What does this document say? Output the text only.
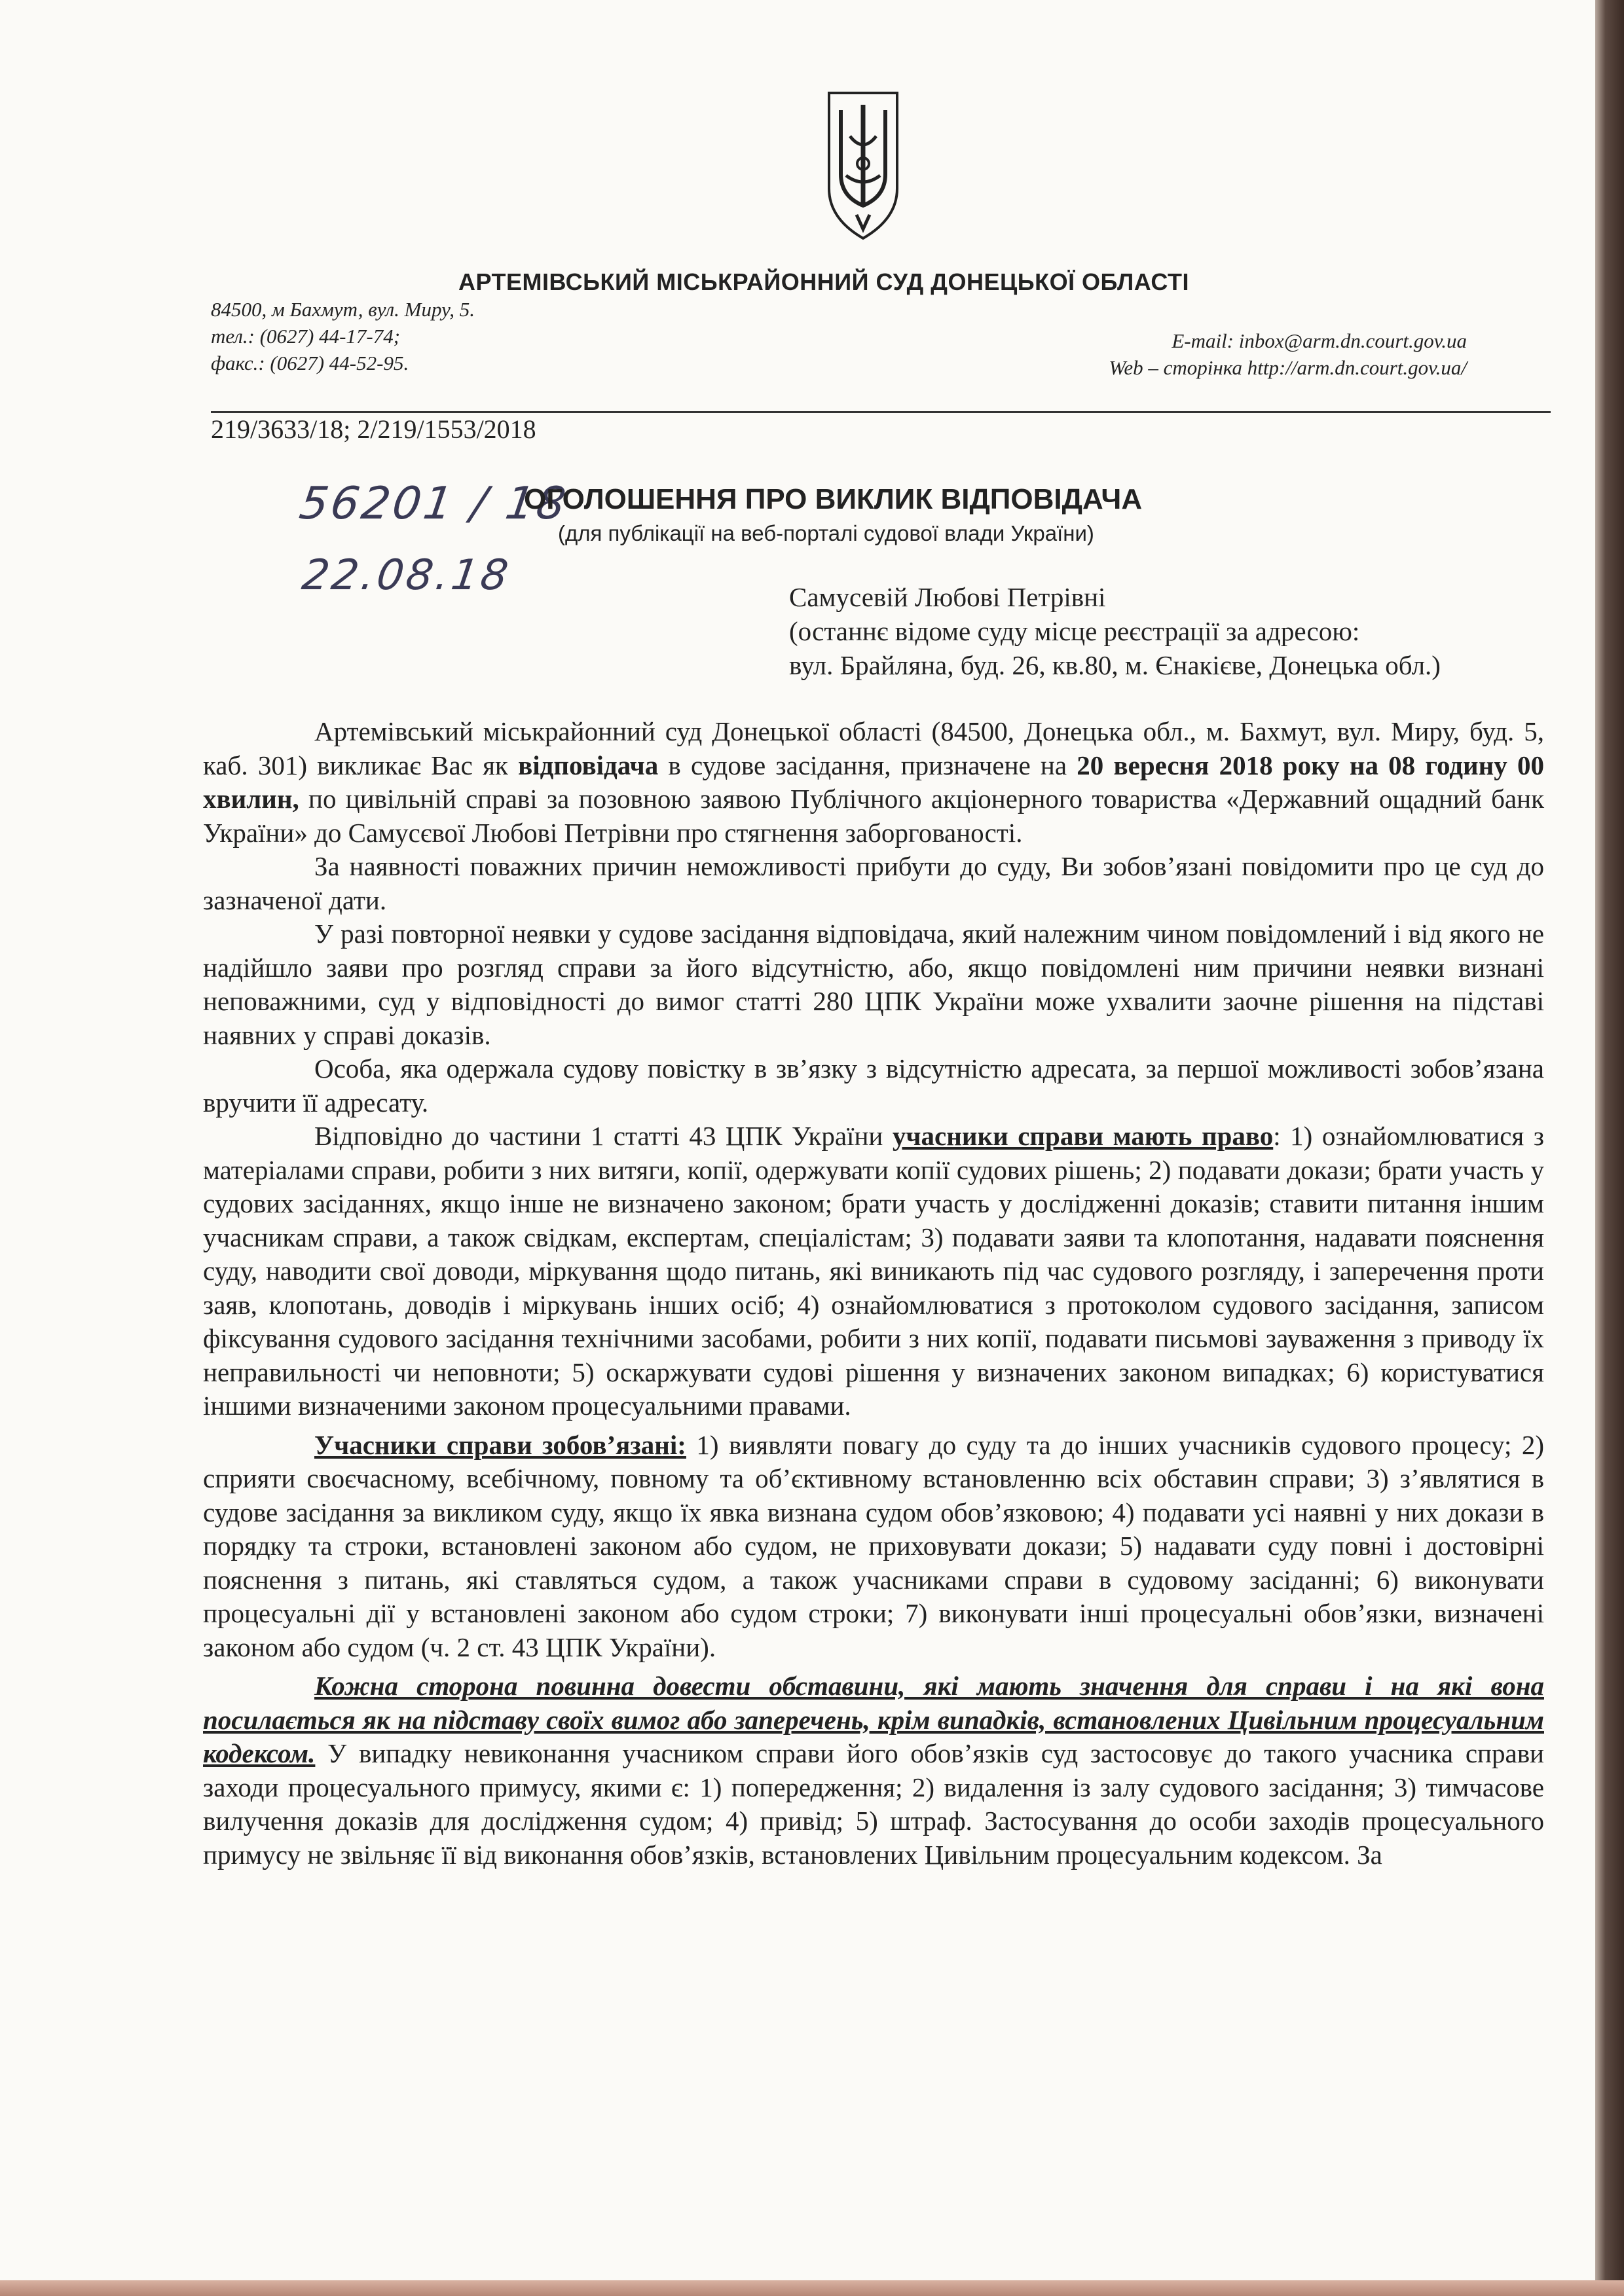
АРТЕМІВСЬКИЙ МІСЬКРАЙОННИЙ СУД ДОНЕЦЬКОЇ ОБЛАСТІ
84500, м Бахмут, вул. Миру, 5.
тел.: (0627) 44-17-74;
факс.: (0627) 44-52-95.
E-mail: inbox@arm.dn.court.gov.ua
Web – сторінка http://arm.dn.court.gov.ua/
219/3633/18; 2/219/1553/2018
56201 / 18
22.08.18
ОГОЛОШЕННЯ ПРО ВИКЛИК ВІДПОВІДАЧА
(для публікації на веб-порталі судової влади України)
Самусевій Любові Петрівні
(останнє відоме суду місце реєстрації за адресою:
вул. Брайляна, буд. 26, кв.80, м. Єнакієве, Донецька обл.)

Артемівський міськрайонний суд Донецької області (84500, Донецька обл., м. Бахмут, вул. Миру, буд. 5, каб. 301) викликає Вас як відповідача в судове засідання, призначене на 20 вересня 2018 року на 08 годину 00 хвилин, по цивільній справі за позовною заявою Публічного акціонерного товариства «Державний ощадний банк України» до Самусєвої Любові Петрівни про стягнення заборгованості.

За наявності поважних причин неможливості прибути до суду, Ви зобов’язані повідомити про це суд до зазначеної дати.

У разі повторної неявки у судове засідання відповідача, який належним чином повідомлений і від якого не надійшло заяви про розгляд справи за його відсутністю, або, якщо повідомлені ним причини неявки визнані неповажними, суд у відповідності до вимог статті 280 ЦПК України може ухвалити заочне рішення на підставі наявних у справі доказів.

Особа, яка одержала судову повістку в зв’язку з відсутністю адресата, за першої можливості зобов’язана вручити її адресату.

Відповідно до частини 1 статті 43 ЦПК України учасники справи мають право: 1) ознайомлюватися з матеріалами справи, робити з них витяги, копії, одержувати копії судових рішень; 2) подавати докази; брати участь у судових засіданнях, якщо інше не визначено законом; брати участь у дослідженні доказів; ставити питання іншим учасникам справи, а також свідкам, експертам, спеціалістам; 3) подавати заяви та клопотання, надавати пояснення суду, наводити свої доводи, міркування щодо питань, які виникають під час судового розгляду, і заперечення проти заяв, клопотань, доводів і міркувань інших осіб; 4) ознайомлюватися з протоколом судового засідання, записом фіксування судового засідання технічними засобами, робити з них копії, подавати письмові зауваження з приводу їх неправильності чи неповноти; 5) оскаржувати судові рішення у визначених законом випадках; 6) користуватися іншими визначеними законом процесуальними правами.

Учасники справи зобов’язані: 1) виявляти повагу до суду та до інших учасників судового процесу; 2) сприяти своєчасному, всебічному, повному та об’єктивному встановленню всіх обставин справи; 3) з’являтися в судове засідання за викликом суду, якщо їх явка визнана судом обов’язковою; 4) подавати усі наявні у них докази в порядку та строки, встановлені законом або судом, не приховувати докази; 5) надавати суду повні і достовірні пояснення з питань, які ставляться судом, а також учасниками справи в судовому засіданні; 6) виконувати процесуальні дії у встановлені законом або судом строки; 7) виконувати інші процесуальні обов’язки, визначені законом або судом (ч. 2 ст. 43 ЦПК України).

Кожна сторона повинна довести обставини, які мають значення для справи і на які вона посилається як на підставу своїх вимог або заперечень, крім випадків, встановлених Цивільним процесуальним кодексом. У випадку невиконання учасником справи його обов’язків суд застосовує до такого учасника справи заходи процесуального примусу, якими є: 1) попередження; 2) видалення із залу судового засідання; 3) тимчасове вилучення доказів для дослідження судом; 4) привід; 5) штраф. Застосування до особи заходів процесуального примусу не звільняє її від виконання обов’язків, встановлених Цивільним процесуальним кодексом. За
